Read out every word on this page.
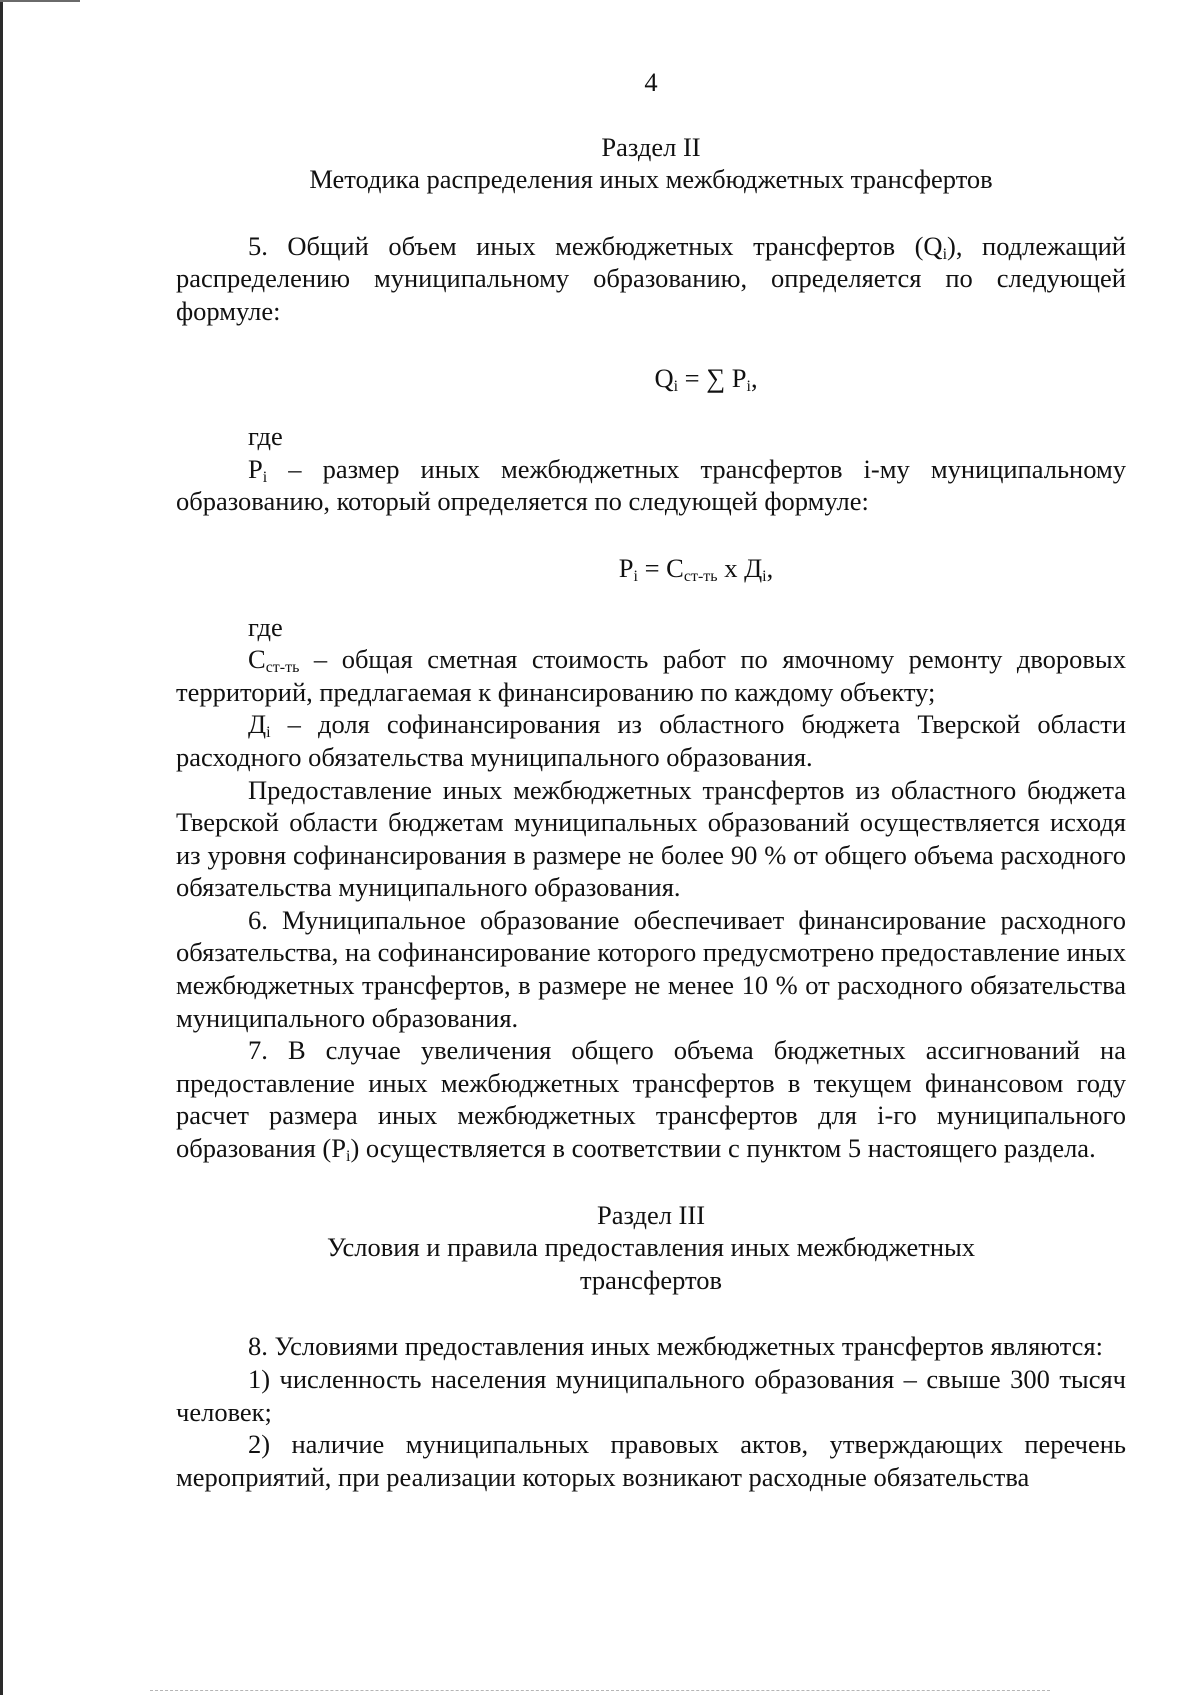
4

Раздел II

Методика распределения иных межбюджетных трансфертов

5. Общий объем иных межбюджетных трансфертов $(Q_i)$, подлежащий распределению муниципальному образованию, определяется по следующей формуле:

$Q_i$ = ∑ $P_i$,

где

$P_i$ – размер иных межбюджетных трансфертов i-му муниципальному образованию, который определяется по следующей формуле:

$P_i = C_{ст-ть}$ x $Д_i$,

где

$C_{ст-ть}$ – общая сметная стоимость работ по ямочному ремонту дворовых территорий, предлагаемая к финансированию по каждому объекту;

$Д_i$ – доля софинансирования из областного бюджета Тверской области расходного обязательства муниципального образования.

Предоставление иных межбюджетных трансфертов из областного бюджета Тверской области бюджетам муниципальных образований осуществляется исходя из уровня софинансирования в размере не более 90 % от общего объема расходного обязательства муниципального образования.

6. Муниципальное образование обеспечивает финансирование расходного обязательства, на софинансирование которого предусмотрено предоставление иных межбюджетных трансфертов, в размере не менее 10 % от расходного обязательства муниципального образования.

7. В случае увеличения общего объема бюджетных ассигнований на предоставление иных межбюджетных трансфертов в текущем финансовом году расчет размера иных межбюджетных трансфертов для i-го муниципального образования $(P_i)$ осуществляется в соответствии с пунктом 5 настоящего раздела.

Раздел III

Условия и правила предоставления иных межбюджетных

трансфертов

8. Условиями предоставления иных межбюджетных трансфертов являются:

1) численность населения муниципального образования – свыше 300 тысяч человек;

2) наличие муниципальных правовых актов, утверждающих перечень мероприятий, при реализации которых возникают расходные обязательства
